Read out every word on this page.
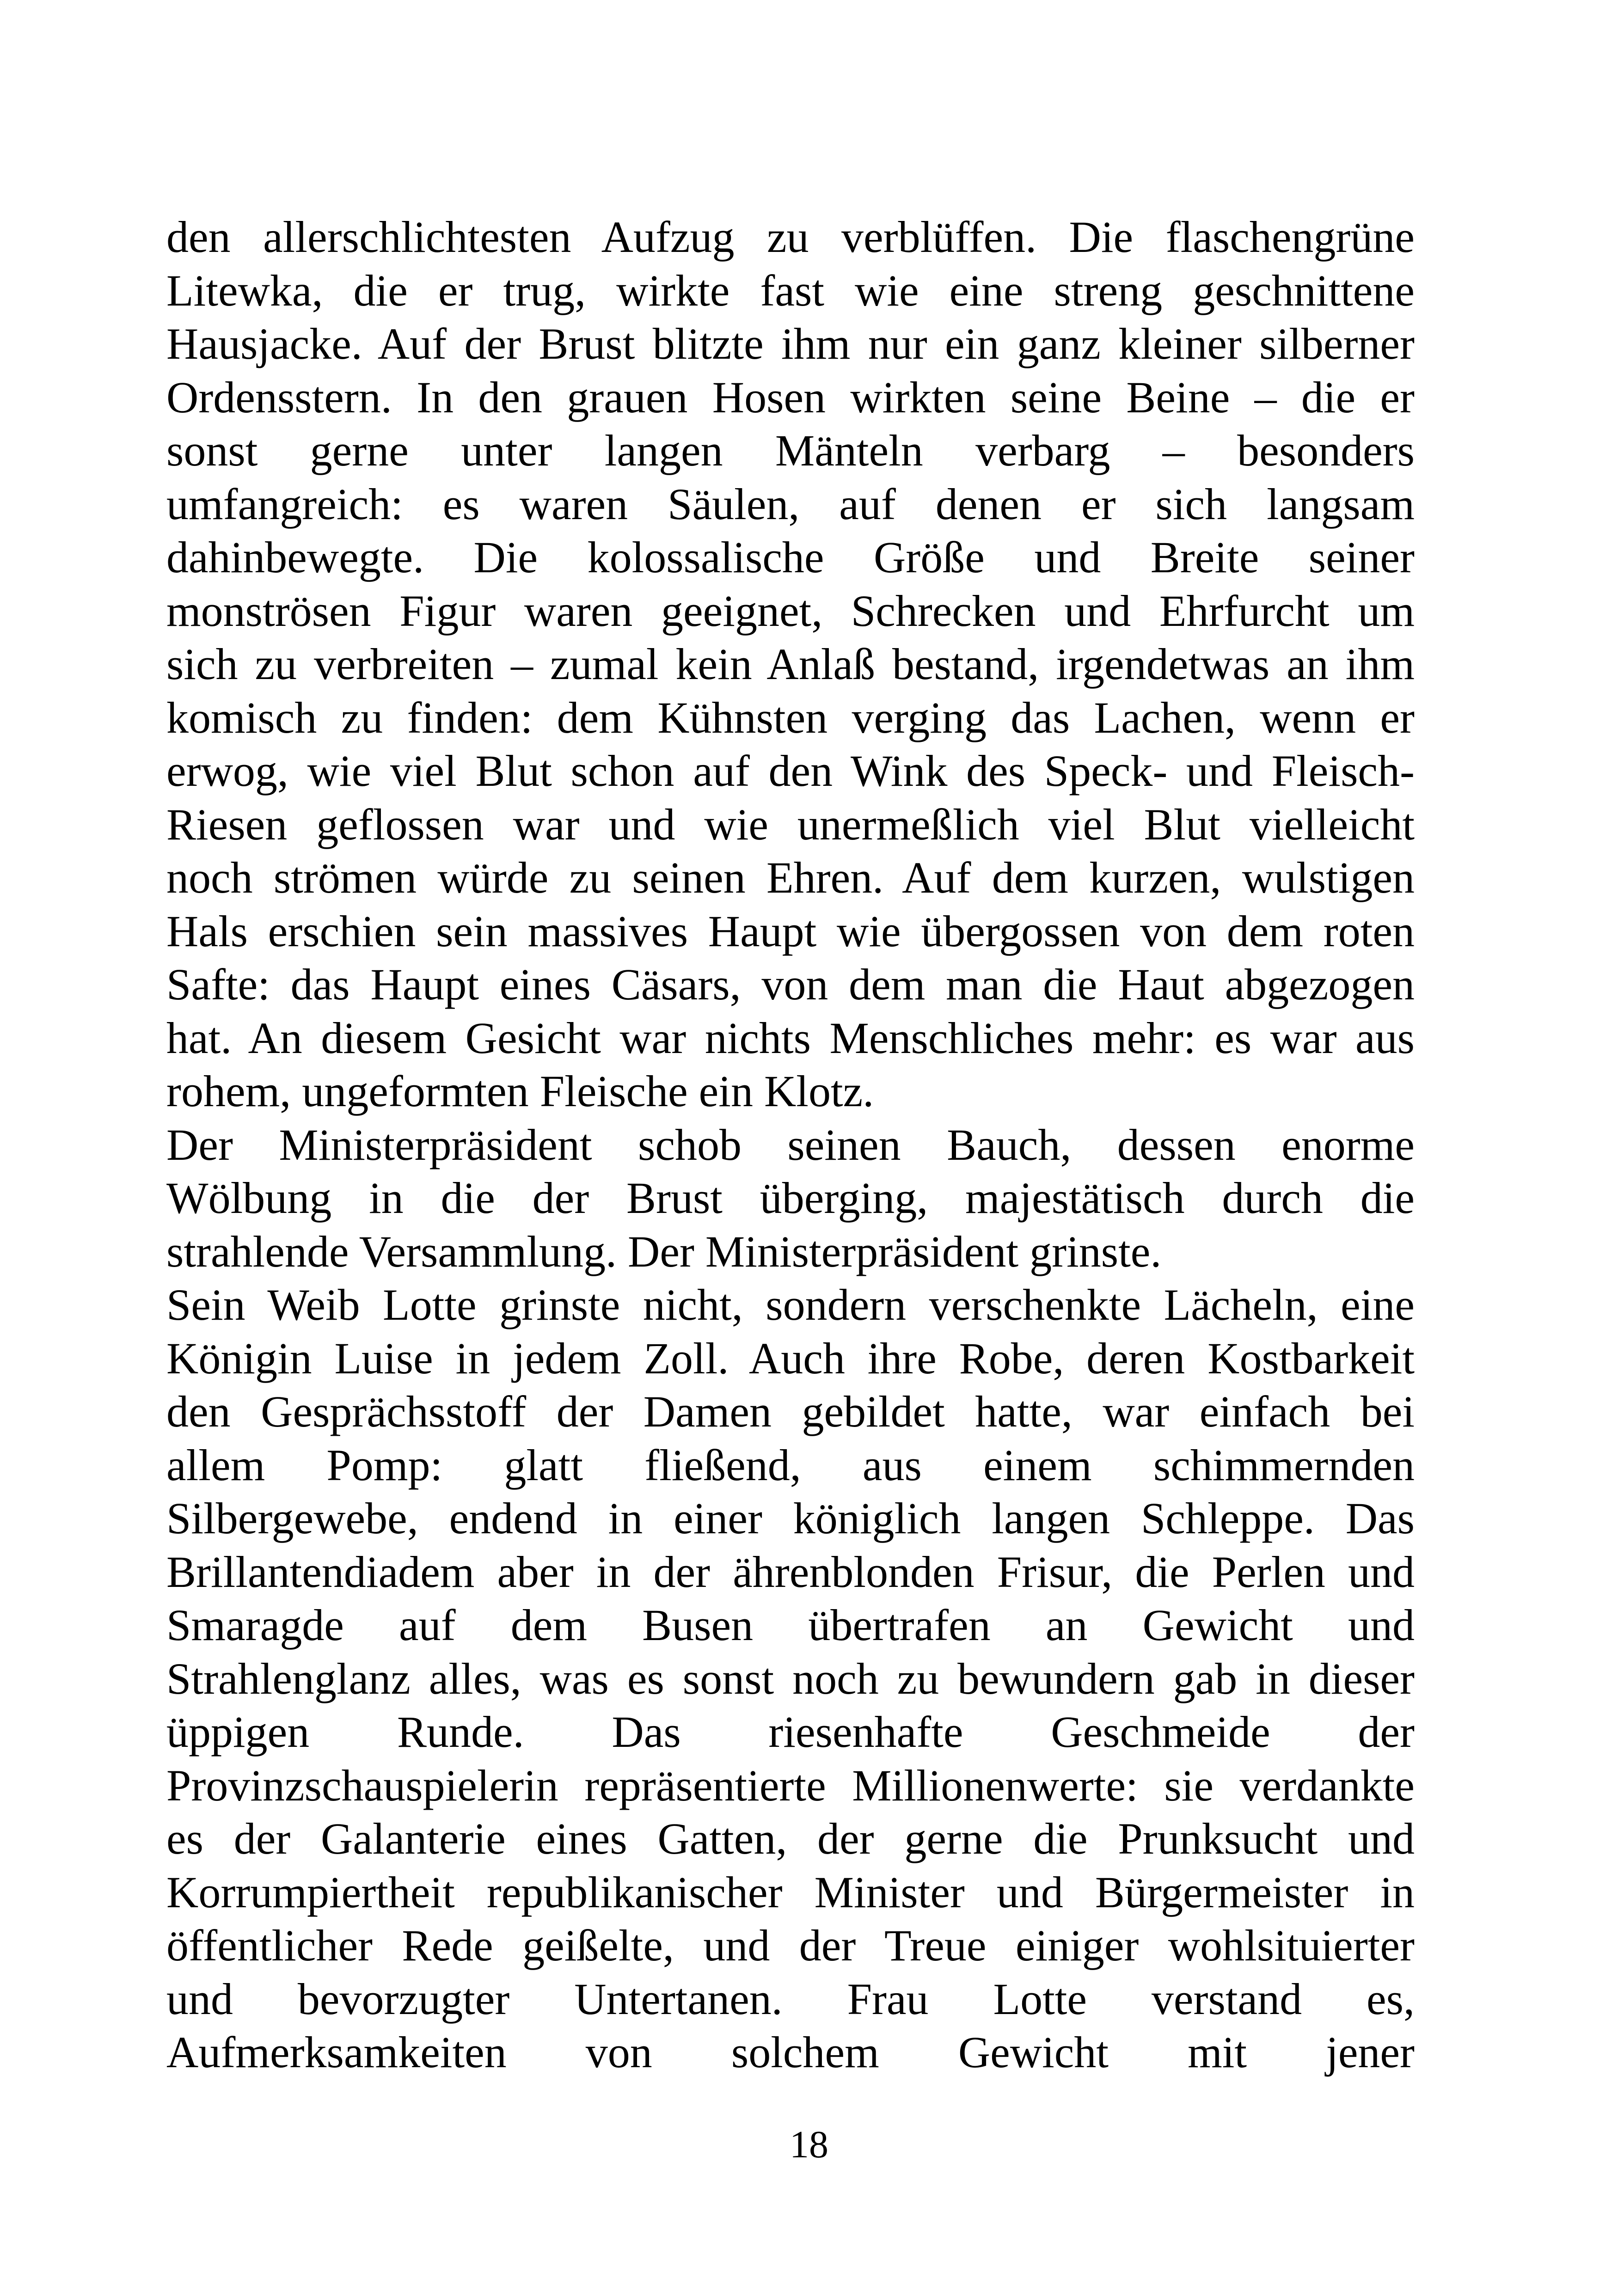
den allerschlichtesten Aufzug zu verblüffen. Die flaschengrüne
Litewka, die er trug, wirkte fast wie eine streng geschnittene
Hausjacke. Auf der Brust blitzte ihm nur ein ganz kleiner silberner
Ordensstern. In den grauen Hosen wirkten seine Beine – die er
sonst gerne unter langen Mänteln verbarg – besonders
umfangreich: es waren Säulen, auf denen er sich langsam
dahinbewegte. Die kolossalische Größe und Breite seiner
monströsen Figur waren geeignet, Schrecken und Ehrfurcht um
sich zu verbreiten – zumal kein Anlaß bestand, irgendetwas an ihm
komisch zu finden: dem Kühnsten verging das Lachen, wenn er
erwog, wie viel Blut schon auf den Wink des Speck- und Fleisch-
Riesen geflossen war und wie unermeßlich viel Blut vielleicht
noch strömen würde zu seinen Ehren. Auf dem kurzen, wulstigen
Hals erschien sein massives Haupt wie übergossen von dem roten
Safte: das Haupt eines Cäsars, von dem man die Haut abgezogen
hat. An diesem Gesicht war nichts Menschliches mehr: es war aus
rohem, ungeformten Fleische ein Klotz.

Der Ministerpräsident schob seinen Bauch, dessen enorme
Wölbung in die der Brust überging, majestätisch durch die
strahlende Versammlung. Der Ministerpräsident grinste.

Sein Weib Lotte grinste nicht, sondern verschenkte Lächeln, eine
Königin Luise in jedem Zoll. Auch ihre Robe, deren Kostbarkeit
den Gesprächsstoff der Damen gebildet hatte, war einfach bei
allem Pomp: glatt fließend, aus einem schimmernden
Silbergewebe, endend in einer königlich langen Schleppe. Das
Brillantendiadem aber in der ährenblonden Frisur, die Perlen und
Smaragde auf dem Busen übertrafen an Gewicht und
Strahlenglanz alles, was es sonst noch zu bewundern gab in dieser
üppigen Runde. Das riesenhafte Geschmeide der
Provinzschauspielerin repräsentierte Millionenwerte: sie verdankte
es der Galanterie eines Gatten, der gerne die Prunksucht und
Korrumpiertheit republikanischer Minister und Bürgermeister in
öffentlicher Rede geißelte, und der Treue einiger wohlsituierter
und bevorzugter Untertanen. Frau Lotte verstand es,
Aufmerksamkeiten von solchem Gewicht mit jener

18
